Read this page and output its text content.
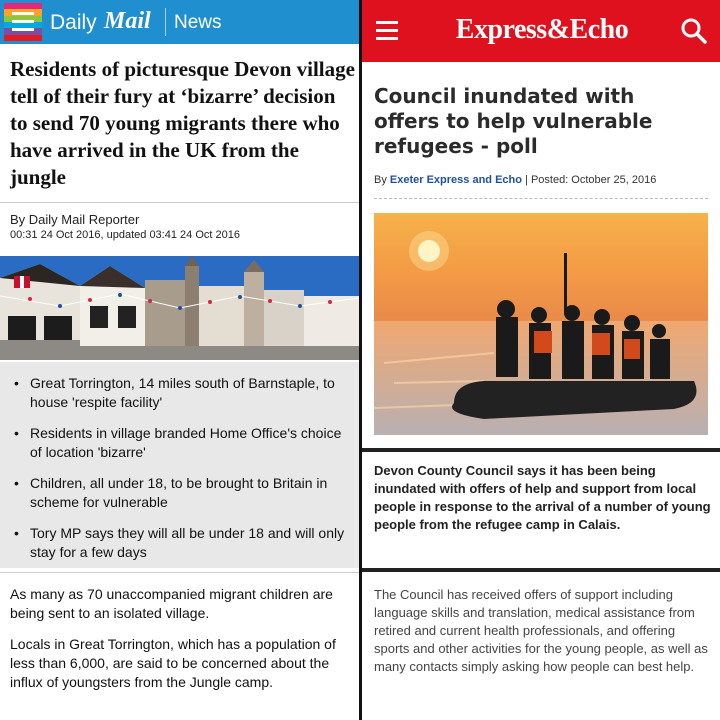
Daily Mail News
Residents of picturesque Devon village tell of their fury at ‘bizarre’ decision to send 70 young migrants there who have arrived in the UK from the jungle
By Daily Mail Reporter
00:31 24 Oct 2016, updated 03:41 24 Oct 2016
• Great Torrington, 14 miles south of Barnstaple, to house 'respite facility'
• Residents in village branded Home Office's choice of location 'bizarre'
• Children, all under 18, to be brought to Britain in scheme for vulnerable
• Tory MP says they will all be under 18 and will only stay for a few days

As many as 70 unaccompanied migrant children are being sent to an isolated village.

Locals in Great Torrington, which has a population of less than 6,000, are said to be concerned about the influx of youngsters from the Jungle camp.

Express&Echo
Council inundated with offers to help vulnerable refugees - poll
By Exeter Express and Echo | Posted: October 25, 2016

Devon County Council says it has been being inundated with offers of help and support from local people in response to the arrival of a number of young people from the refugee camp in Calais.

The Council has received offers of support including language skills and translation, medical assistance from retired and current health professionals, and offering sports and other activities for the young people, as well as many contacts simply asking how people can best help.
